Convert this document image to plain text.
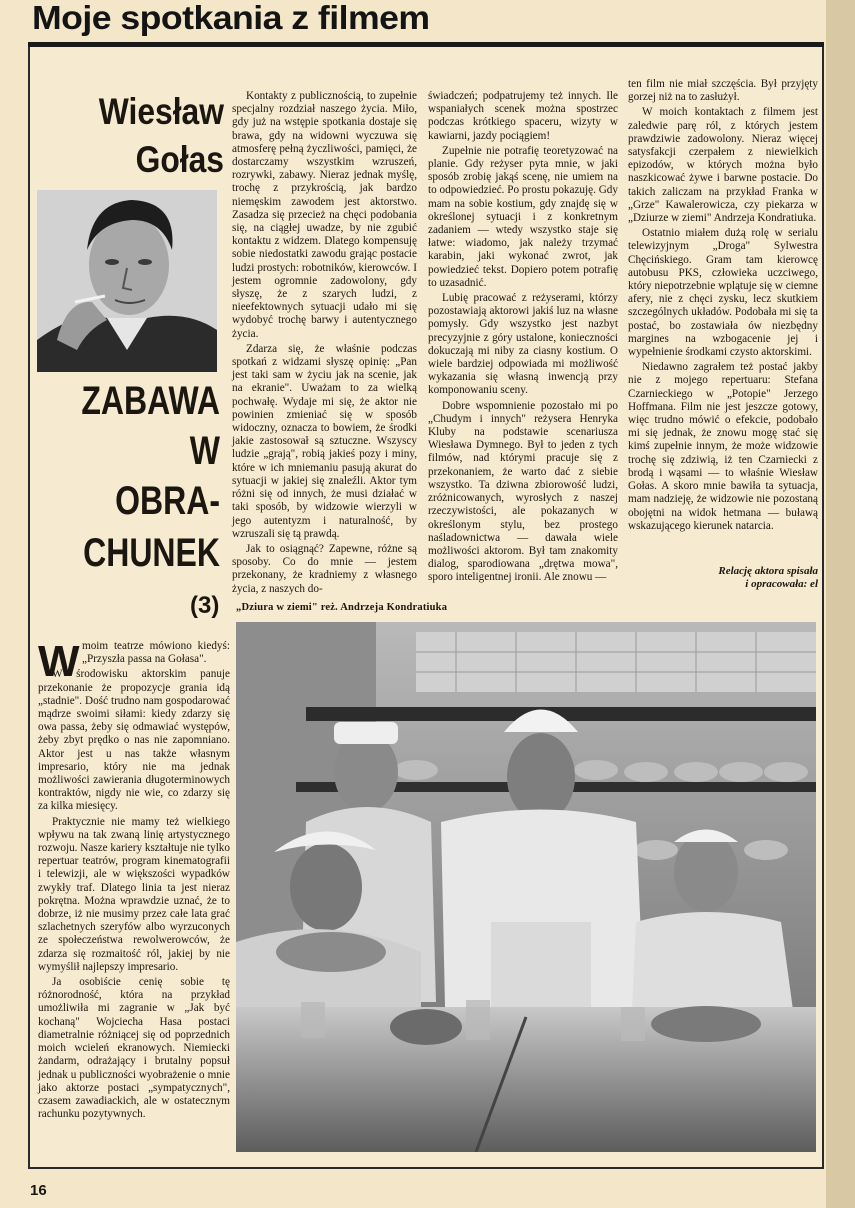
Moje spotkania z filmem
Wiesław
Gołas
ZABAWA
W
OBRA-
CHUNEK
(3)

Kontakty z publicznością, to zupełnie specjalny rozdział naszego życia. Miło, gdy już na wstępie spotkania dostaje się brawa, gdy na widowni wyczuwa się atmosferę pełną życzliwości, pamięci, że dostarczamy wszystkim wzruszeń, rozrywki, zabawy. Nieraz jednak myślę, trochę z przykrością, jak bardzo niemęskim zawodem jest aktorstwo. Zasadza się przecież na chęci podobania się, na ciągłej uwadze, by nie zgubić kontaktu z widzem. Dlatego kompensuję sobie niedostatki zawodu grając postacie ludzi prostych: robotników, kierowców. I jestem ogromnie zadowolony, gdy słyszę, że z szarych ludzi, z nieefektownych sytuacji udało mi się wydobyć trochę barwy i autentycznego życia.

Zdarza się, że właśnie podczas spotkań z widzami słyszę opinię: „Pan jest taki sam w życiu jak na scenie, jak na ekranie". Uważam to za wielką pochwałę. Wydaje mi się, że aktor nie powinien zmieniać się w sposób widoczny, oznacza to bowiem, że środki jakie zastosował są sztuczne. Wszyscy ludzie „grają", robią jakieś pozy i miny, które w ich mniemaniu pasują akurat do sytuacji w jakiej się znaleźli. Aktor tym różni się od innych, że musi działać w taki sposób, by widzowie wierzyli w jego autentyzm i naturalność, by wzruszali się tą prawdą.

Jak to osiągnąć? Zapewne, różne są sposoby. Co do mnie — jestem przekonany, że kradniemy z własnego życia, z naszych do-

świadczeń; podpatrujemy też innych. Ile wspaniałych scenek można spostrzec podczas krótkiego spaceru, wizyty w kawiarni, jazdy pociągiem!

Zupełnie nie potrafię teoretyzować na planie. Gdy reżyser pyta mnie, w jaki sposób zrobię jakąś scenę, nie umiem na to odpowiedzieć. Po prostu pokazuję. Gdy mam na sobie kostium, gdy znajdę się w określonej sytuacji i z konkretnym zadaniem — wtedy wszystko staje się łatwe: wiadomo, jak należy trzymać karabin, jaki wykonać zwrot, jak powiedzieć tekst. Dopiero potem potrafię to uzasadnić.

Lubię pracować z reżyserami, którzy pozostawiają aktorowi jakiś luz na własne pomysły. Gdy wszystko jest nazbyt precyzyjnie z góry ustalone, konieczności dokuczają mi niby za ciasny kostium. O wiele bardziej odpowiada mi możliwość wykazania się własną inwencją przy komponowaniu sceny.

Dobre wspomnienie pozostało mi po „Chudym i innych" reżysera Henryka Kluby na podstawie scenariusza Wiesława Dymnego. Był to jeden z tych filmów, nad którymi pracuje się z przekonaniem, że warto dać z siebie wszystko. Ta dziwna zbiorowość ludzi, zróżnicowanych, wyrosłych z naszej rzeczywistości, ale pokazanych w określonym stylu, bez prostego naśladownictwa — dawała wiele możliwości aktorom. Był tam znakomity dialog, sparodiowana „drętwa mowa", sporo inteligentnej ironii. Ale znowu —

ten film nie miał szczęścia. Był przyjęty gorzej niż na to zasłużył.

W moich kontaktach z filmem jest zaledwie parę ról, z których jestem prawdziwie zadowolony. Nieraz więcej satysfakcji czerpałem z niewielkich epizodów, w których można było naszkicować żywe i barwne postacie. Do takich zaliczam na przykład Franka w „Grze" Kawalerowicza, czy piekarza w „Dziurze w ziemi" Andrzeja Kondratiuka.

Ostatnio miałem dużą rolę w serialu telewizyjnym „Droga" Sylwestra Chęcińskiego. Gram tam kierowcę autobusu PKS, człowieka uczciwego, który niepotrzebnie wplątuje się w ciemne afery, nie z chęci zysku, lecz skutkiem szczególnych układów. Podobała mi się ta postać, bo zostawiała ów niezbędny margines na wzbogacenie jej i wypełnienie środkami czysto aktorskimi.

Niedawno zagrałem też postać jakby nie z mojego repertuaru: Stefana Czarnieckiego w „Potopie" Jerzego Hoffmana. Film nie jest jeszcze gotowy, więc trudno mówić o efekcie, podobało mi się jednak, że znowu mogę stać się kimś zupełnie innym, że może widzowie trochę się zdziwią, iż ten Czarniecki z brodą i wąsami — to właśnie Wiesław Gołas. A skoro mnie bawiła ta sytuacja, mam nadzieję, że widzowie nie pozostaną obojętni na widok hetmana — buławą wskazującego kierunek natarcia.

Relację aktora spisała
i opracowała: el
„Dziura w ziemi" reż. Andrzeja Kondratiuka
W moim teatrze mówiono kiedyś: „Przyszła passa na Gołasa".

W środowisku aktorskim panuje przekonanie że propozycje grania idą „stadnie". Dość trudno nam gospodarować mądrze swoimi siłami: kiedy zdarzy się owa passa, żeby się odmawiać występów, żeby zbyt prędko o nas nie zapomniano. Aktor jest u nas także własnym impresario, który nie ma jednak możliwości zawierania długoterminowych kontraktów, nigdy nie wie, co zdarzy się za kilka miesięcy.

Praktycznie nie mamy też wielkiego wpływu na tak zwaną linię artystycznego rozwoju. Nasze kariery kształtuje nie tylko repertuar teatrów, program kinematografii i telewizji, ale w większości wypadków zwykły traf. Dlatego linia ta jest nieraz pokrętna. Można wprawdzie uznać, że to dobrze, iż nie musimy przez całe lata grać szlachetnych szeryfów albo wyrzuconych ze społeczeństwa rewolwerowców, że zdarza się rozmaitość ról, jakiej by nie wymyślił najlepszy impresario.

Ja osobiście cenię sobie tę różnorodność, która na przykład umożliwiła mi zagranie w „Jak być kochaną" Wojciecha Hasa postaci diametralnie różniącej się od poprzednich moich wcieleń ekranowych. Niemiecki żandarm, odrażający i brutalny popsuł jednak u publiczności wyobrażenie o mnie jako aktorze postaci „sympatycznych", czasem zawadiackich, ale w ostatecznym rachunku pozytywnych.

16
